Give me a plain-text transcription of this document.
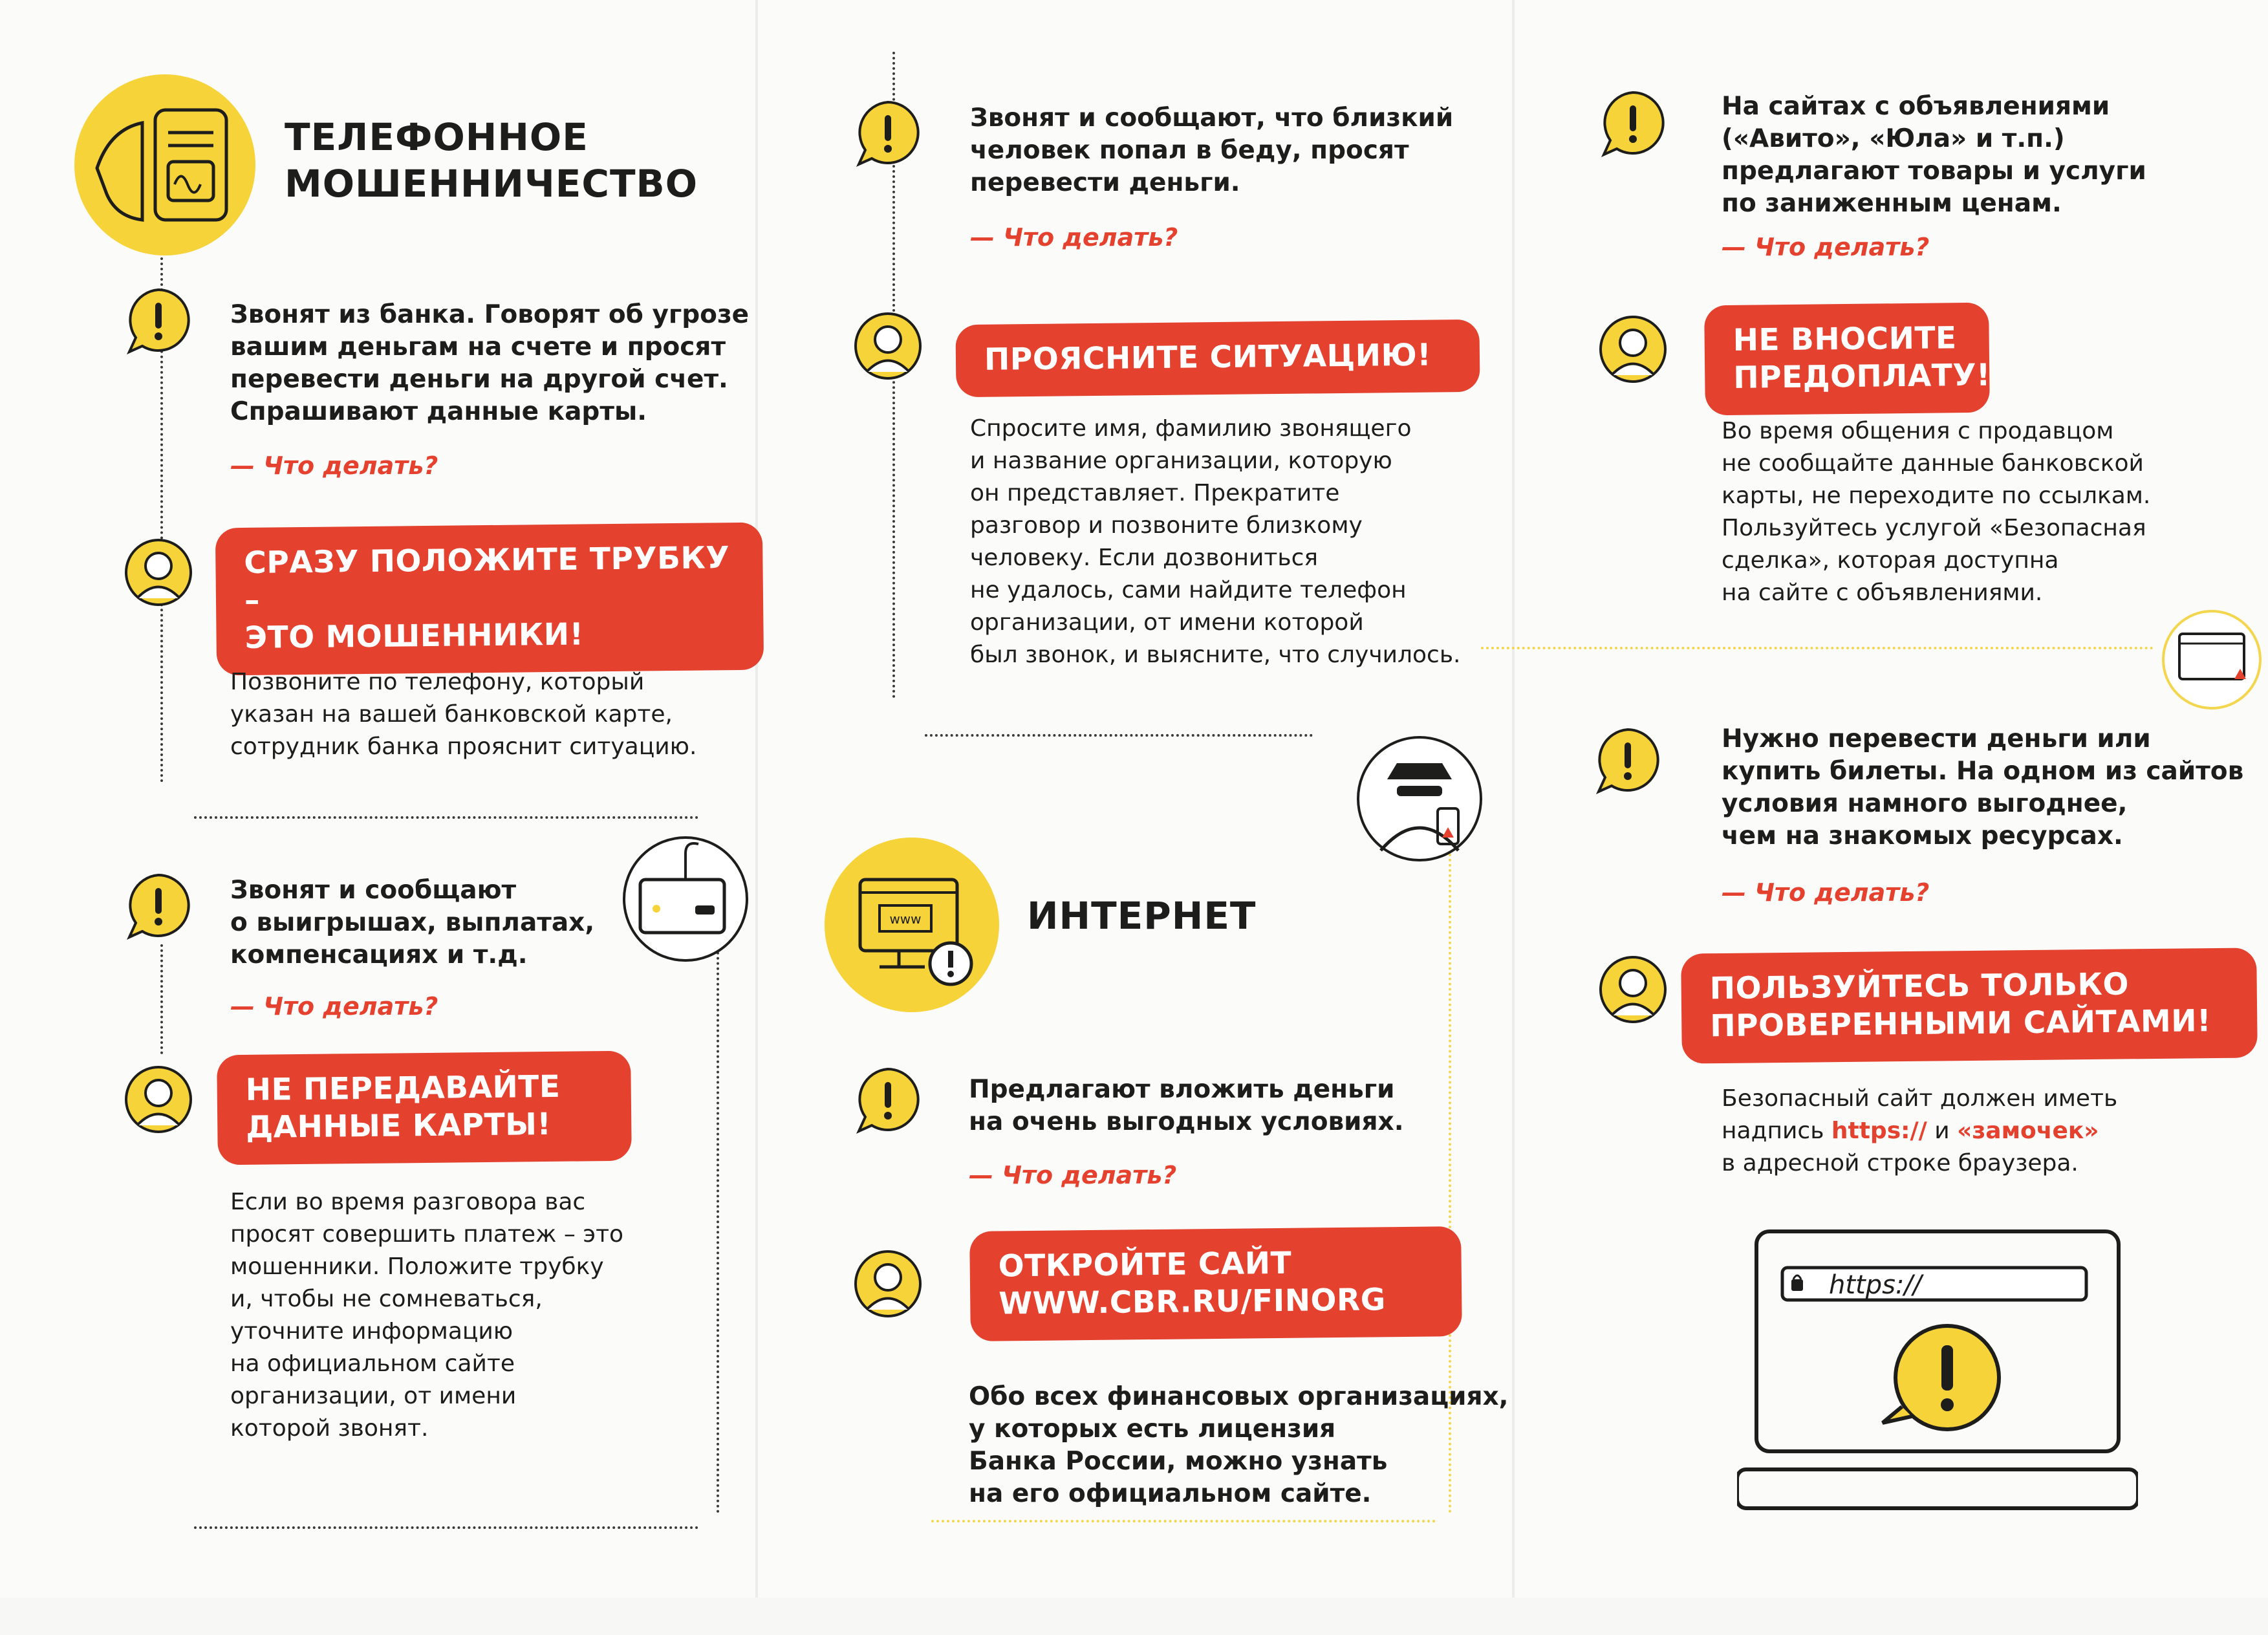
ТЕЛЕФОННОЕ
МОШЕННИЧЕСТВО
Звонят из банка. Говорят об угрозе
вашим деньгам на счете и просят
перевести деньги на другой счет.
Спрашивают данные карты.
— Что делать?
СРАЗУ ПОЛОЖИТЕ ТРУБКУ –
ЭТО МОШЕННИКИ!
Позвоните по телефону, который
указан на вашей банковской карте,
сотрудник банка прояснит ситуацию.
Звонят и сообщают
о выигрышах, выплатах,
компенсациях и т.д.
— Что делать?
НЕ ПЕРЕДАВАЙТЕ
ДАННЫЕ КАРТЫ!
Если во время разговора вас
просят совершить платеж – это
мошенники. Положите трубку
и, чтобы не сомневаться,
уточните информацию
на официальном сайте
организации, от имени
которой звонят.
Звонят и сообщают, что близкий
человек попал в беду, просят
перевести деньги.
— Что делать?
ПРОЯСНИТЕ СИТУАЦИЮ!
Спросите имя, фамилию звонящего
и название организации, которую
он представляет. Прекратите
разговор и позвоните близкому
человеку. Если дозвониться
не удалось, сами найдите телефон
организации, от имени которой
был звонок, и выясните, что случилось.
www	ИНТЕРНЕТ
Предлагают вложить деньги
на очень выгодных условиях.
— Что делать?
ОТКРОЙТЕ САЙТ
WWW.CBR.RU/FINORG
Обо всех финансовых организациях,
у которых есть лицензия
Банка России, можно узнать
на его официальном сайте.
На сайтах с объявлениями
(«Авито», «Юла» и т.п.)
предлагают товары и услуги
по заниженным ценам.
— Что делать?
НЕ ВНОСИТЕ
ПРЕДОПЛАТУ!
Во время общения с продавцом
не сообщайте данные банковской
карты, не переходите по ссылкам.
Пользуйтесь услугой «Безопасная
сделка», которая доступна
на сайте с объявлениями.
Нужно перевести деньги или
купить билеты. На одном из сайтов
условия намного выгоднее,
чем на знакомых ресурсах.
— Что делать?
ПОЛЬЗУЙТЕСЬ ТОЛЬКО
ПРОВЕРЕННЫМИ САЙТАМИ!
Безопасный сайт должен иметь
надпись https:// и «замочек»
в адресной строке браузера.
https://
